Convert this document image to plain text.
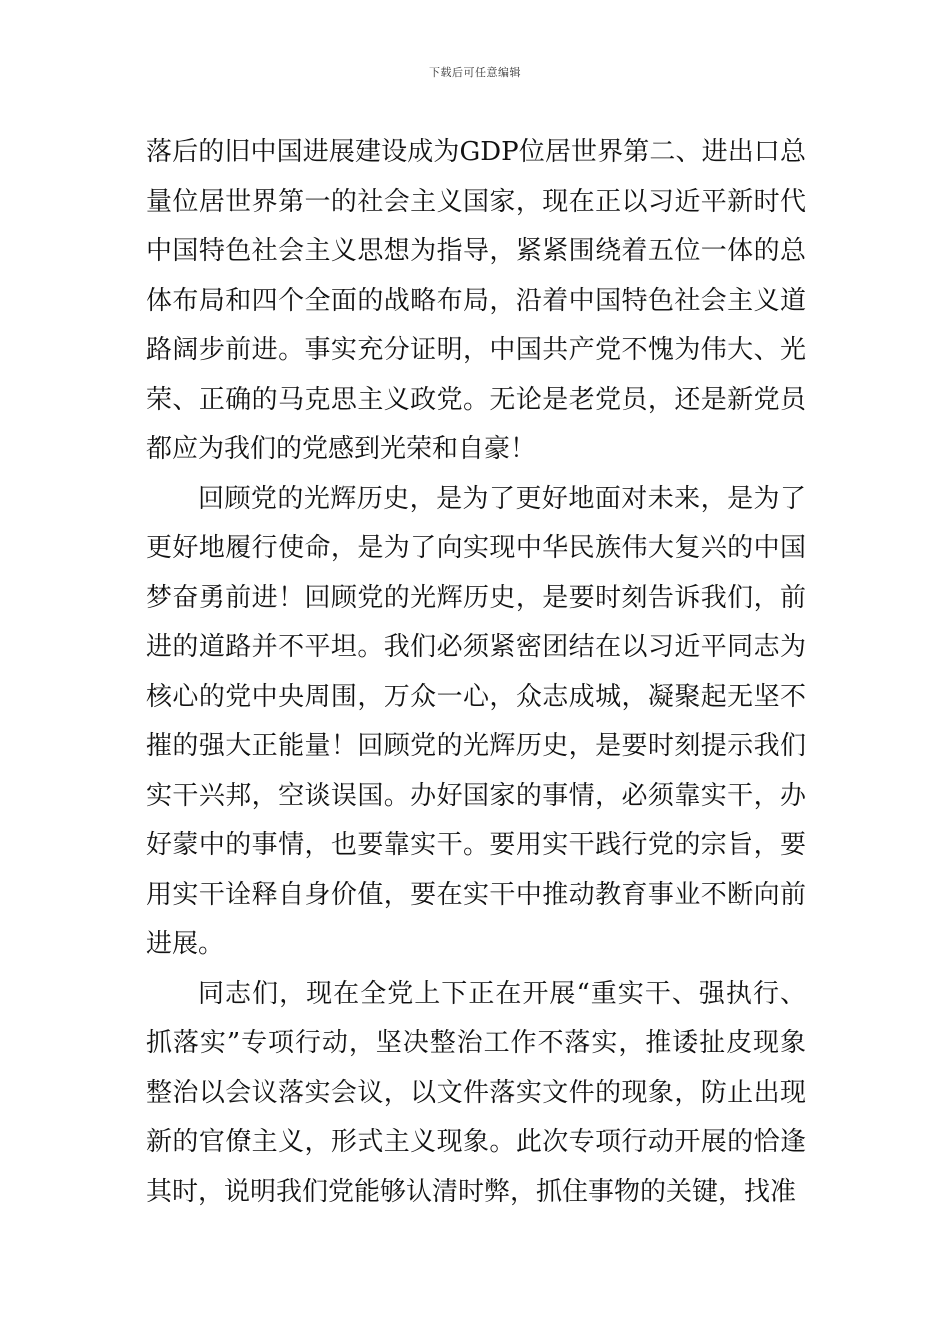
下载后可任意编辑

落后的旧中国进展建设成为GDP位居世界第二、进出口总量位居世界第一的社会主义国家，现在正以习近平新时代中国特色社会主义思想为指导，紧紧围绕着五位一体的总体布局和四个全面的战略布局，沿着中国特色社会主义道路阔步前进。事实充分证明，中国共产党不愧为伟大、光荣、正确的马克思主义政党。无论是老党员，还是新党员都应为我们的党感到光荣和自豪！

回顾党的光辉历史，是为了更好地面对未来，是为了更好地履行使命，是为了向实现中华民族伟大复兴的中国梦奋勇前进！回顾党的光辉历史，是要时刻告诉我们，前进的道路并不平坦。我们必须紧密团结在以习近平同志为核心的党中央周围，万众一心，众志成城，凝聚起无坚不摧的强大正能量！回顾党的光辉历史，是要时刻提示我们实干兴邦，空谈误国。办好国家的事情，必须靠实干，办好蒙中的事情，也要靠实干。要用实干践行党的宗旨，要用实干诠释自身价值，要在实干中推动教育事业不断向前进展。

同志们，现在全党上下正在开展“重实干、强执行、抓落实”专项行动，坚决整治工作不落实，推诿扯皮现象整治以会议落实会议，以文件落实文件的现象，防止出现新的官僚主义，形式主义现象。此次专项行动开展的恰逢其时，说明我们党能够认清时弊，抓住事物的关键，找准
